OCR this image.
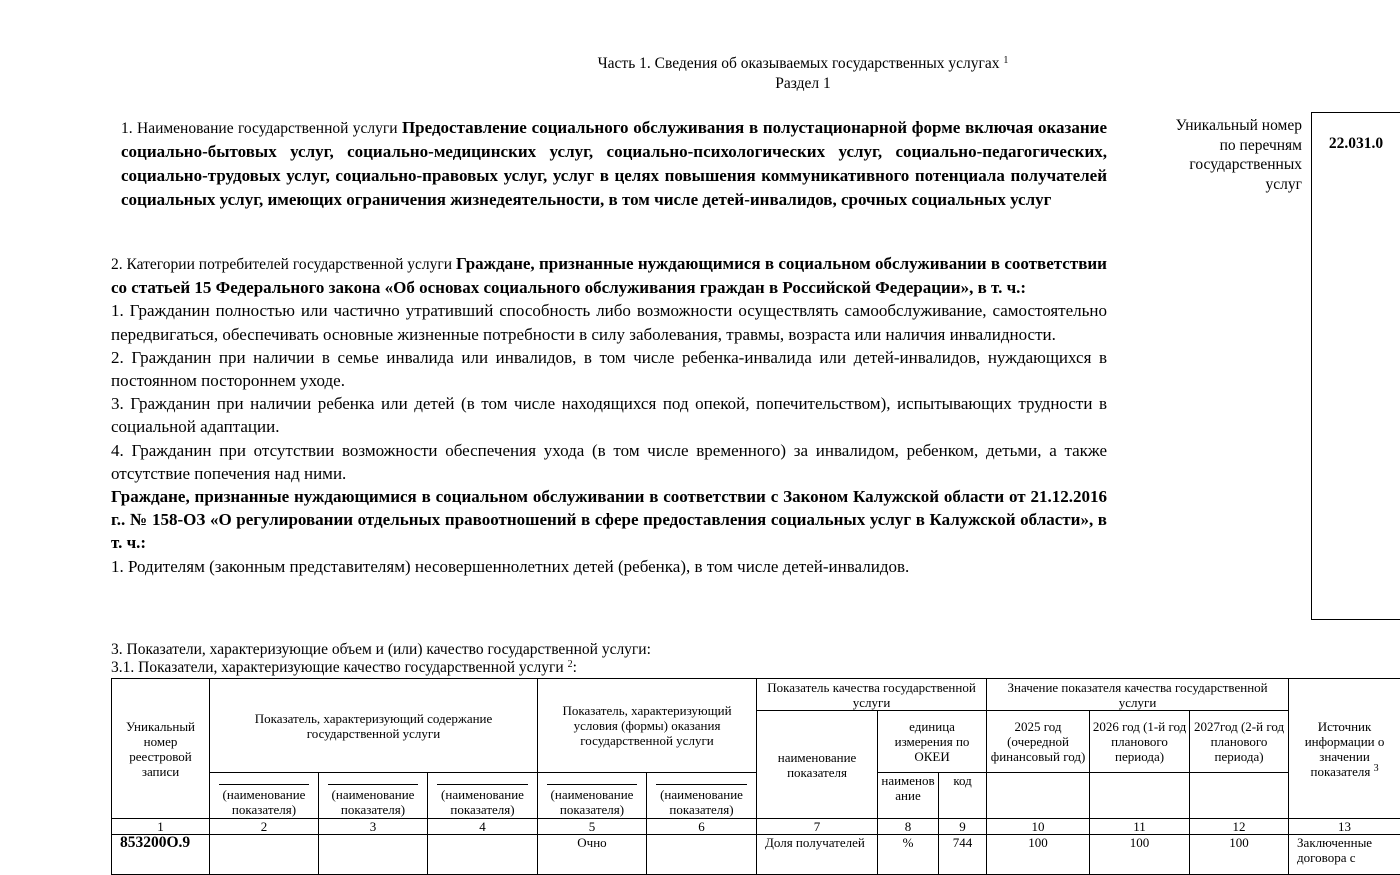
Часть 1. Сведения об оказываемых государственных услугах $^1$
Раздел 1
1. Наименование государственной услуги Предоставление социального обслуживания в полустационарной форме включая оказание социально-бытовых услуг, социально-медицинских услуг, социально-психологических услуг, социально-педагогических, социально-трудовых услуг, социально-правовых услуг, услуг в целях повышения коммуникативного потенциала получателей социальных услуг, имеющих ограничения жизнедеятельности, в том числе детей-инвалидов, срочных социальных услуг
Уникальный номер по перечням государственных услуг
22.031.0

2. Категории потребителей государственной услуги Граждане, признанные нуждающимися в социальном обслуживании в соответствии со статьей 15 Федерального закона «Об основах социального обслуживания граждан в Российской Федерации», в т. ч.:

1. Гражданин полностью или частично утративший способность либо возможности осуществлять самообслуживание, самостоятельно передвигаться, обеспечивать основные жизненные потребности в силу заболевания, травмы, возраста или наличия инвалидности.

2. Гражданин при наличии в семье инвалида или инвалидов, в том числе ребенка-инвалида или детей-инвалидов, нуждающихся в постоянном постороннем уходе.

3. Гражданин при наличии ребенка или детей (в том числе находящихся под опекой, попечительством), испытывающих трудности в социальной адаптации.

4. Гражданин при отсутствии возможности обеспечения ухода (в том числе временного) за инвалидом, ребенком, детьми, а также отсутствие попечения над ними.

Граждане, признанные нуждающимися в социальном обслуживании в соответствии с Законом Калужской области от 21.12.2016 г.. № 158-ОЗ «О регулировании отдельных правоотношений в сфере предоставления социальных услуг в Калужской области», в т. ч.:

1. Родителям (законным представителям) несовершеннолетних детей (ребенка), в том числе детей-инвалидов.

3. Показатели, характеризующие объем и (или) качество государственной услуги:
3.1. Показатели, характеризующие качество государственной услуги $^2$:
Уникальный номер реестровой записи	Показатель, характеризующий содержание государственной услуги			Показатель, характеризующий условия (формы) оказания государственной услуги		Показатель качества государственной услуги			Значение показателя качества государственной услуги			Источник информации о значении показателя $^3$
						наименование показателя	единица измерения по ОКЕИ		2025 год (очередной финансовый год)	2026 год (1-й год планового периода)	2027год (2-й год планового периода)	

(наименование показателя)	(наименование показателя)	(наименование показателя)	(наименование показателя)	(наименование показателя)		наименов ание	код				
1	2	3	4	5	6	7	8	9	10	11	12	13
853200О.9				Очно		Доля получателей	%	744	100	100	100	Заключенные договора с
